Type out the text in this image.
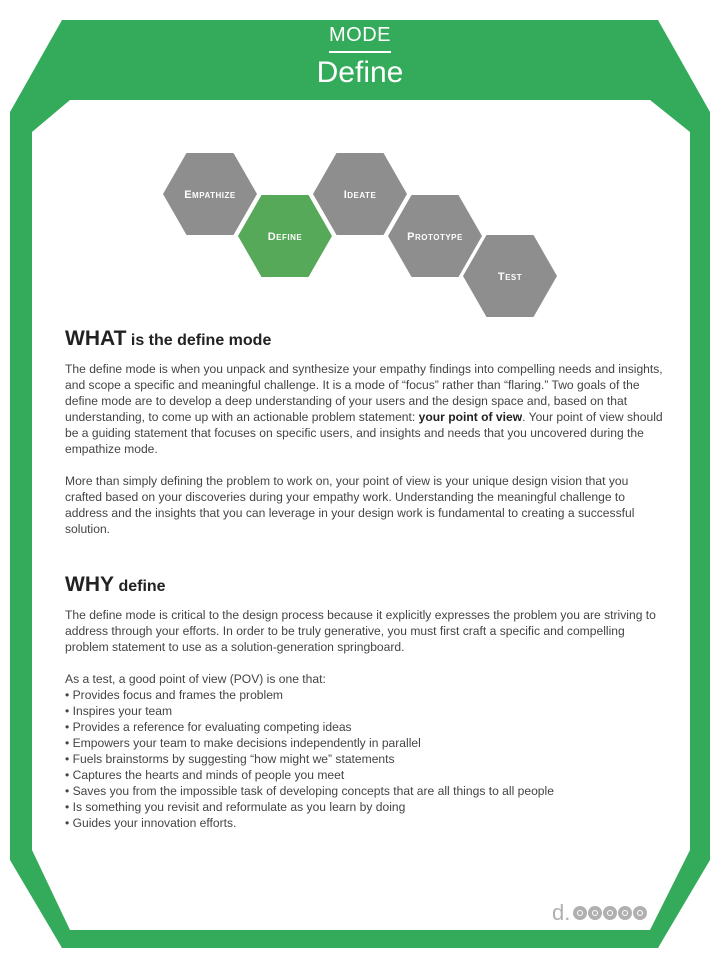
MODE
Define
Empathize
Define
Ideate
Prototype
Test
WHAT is the define mode

The define mode is when you unpack and synthesize your empathy findings into compelling needs and insights, and scope a specific and meaningful challenge. It is a mode of “focus” rather than “flaring.” Two goals of the define mode are to develop a deep understanding of your users and the design space and, based on that understanding, to come up with an actionable problem statement: your point of view. Your point of view should be a guiding statement that focuses on specific users, and insights and needs that you uncovered during the empathize mode.

More than simply defining the problem to work on, your point of view is your unique design vision that you crafted based on your discoveries during your empathy work. Understanding the meaningful challenge to address and the insights that you can leverage in your design work is fundamental to creating a successful solution.

WHY define

The define mode is critical to the design process because it explicitly expresses the problem you are striving to address through your efforts. In order to be truly generative, you must first craft a specific and compelling problem statement to use as a solution-generation springboard.

As a test, a good point of view (POV) is one that:
• Provides focus and frames the problem
• Inspires your team
• Provides a reference for evaluating competing ideas
• Empowers your team to make decisions independently in parallel
• Fuels brainstorms by suggesting “how might we” statements
• Captures the hearts and minds of people you meet
• Saves you from the impossible task of developing concepts that are all things to all people
• Is something you revisit and reformulate as you learn by doing
• Guides your innovation efforts.
d.
